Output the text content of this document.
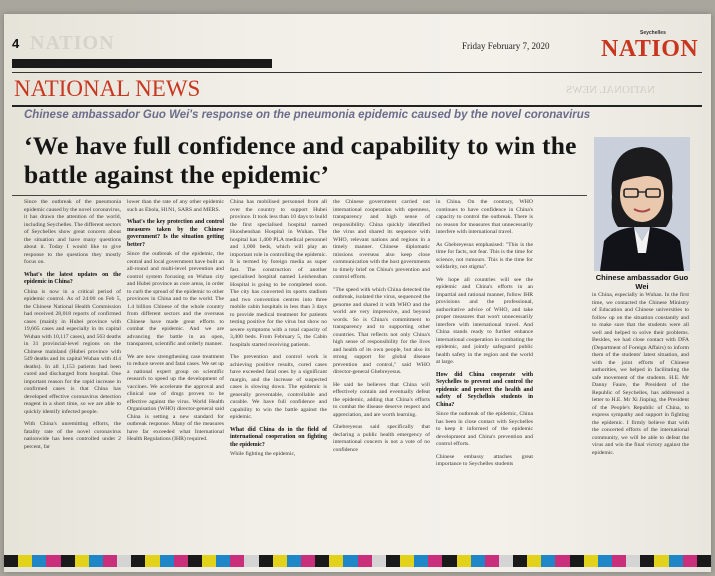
NATION
4	Friday February 7, 2020
Seychelles
NATION
NATIONAL NEWS	NATIONAL NEWS
Chinese ambassador Guo Wei's response on the pneumonia epidemic caused by the novel coronavirus
‘We have full confidence and capability to win the battle against the epidemic’
Chinese ambassador Guo Wei

Since the outbreak of the pneumonia epidemic caused by the novel coronavirus, it has drawn the attention of the world, including Seychelles. The different sectors of Seychelles show great concern about the situation and have many questions about it. Today I would like to give response to the questions they mostly focus on.

What's the latest updates on the epidemic in China?

China is now in a critical period of epidemic control. As of 24:00 on Feb 5, the Chinese National Health Commission had received 28,018 reports of confirmed cases (mainly in Hubei province with 19,665 cases and especially in its capital Wuhan with 10,117 cases), and 563 deaths in 31 provincial-level regions on the Chinese mainland (Hubei province with 549 deaths and its capital Wuhan with 414 deaths). In all 1,153 patients had been cured and discharged from hospital. One important reason for the rapid increase in confirmed cases is that China has developed effective coronavirus detection reagent in a short time, so we are able to quickly identify infected people.

With China's unremitting efforts, the fatality rate of the novel coronavirus nationwide has been controlled under 2 percent, far

lower than the rate of any other epidemic such as Ebola, H1N1, SARS and MERS.

What's the key protection and control measures taken by the Chinese government? Is the situation getting better?

Since the outbreak of the epidemic, the central and local government have built an all-round and multi-level prevention and control system focusing on Wuhan city and Hubei province as core areas, in order to curb the spread of the epidemic to other provinces in China and to the world. The 1.4 billion Chinese of the whole country from different sectors and the overseas Chinese have made great efforts to combat the epidemic. And we are advancing the battle in an open, transparent, scientific and orderly manner.

We are now strengthening case treatment to reduce severe and fatal cases. We set up a national expert group on scientific research to speed up the development of vaccines. We accelerate the approval and clinical use of drugs proven to be effective against the virus. World Health Organisation (WHO) director-general said China is setting a new standard for outbreak response. Many of the measures have far exceeded what International Health Regulations (IHR) required.

China has mobilised personnel from all over the country to support Hubei province. It took less than 10 days to build the first specialised hospital named Huoshenshan Hospital in Wuhan. The hospital has 1,400 PLA medical personnel and 1,000 beds, which will play an important role in controlling the epidemic. It is termed by foreign media as super fast. The construction of another specialised hospital named Leishenshan Hospital is going to be completed soon. The city has converted its sports stadium and two convention centres into three mobile cabin hospitals in less than 3 days to provide medical treatment for patients testing positive for the virus but show no severe symptoms with a total capacity of 3,400 beds. From February 5, the Cabin hospitals started receiving patients.

The prevention and control work is achieving positive results, cured cases have exceeded fatal ones by a significant margin, and the increase of suspected cases is slowing down. The epidemic is generally preventable, controllable and curable. We have full confidence and capability to win the battle against the epidemic.

What did China do in the field of international cooperation on fighting the epidemic?

While fighting the epidemic,

the Chinese government carried out international cooperation with openness, transparency and high sense of responsibility. China quickly identified the virus and shared its sequence with WHO, relevant nations and regions in a timely manner. Chinese diplomatic missions overseas also keep close communication with the host governments to timely brief on China's prevention and control efforts.

"The speed with which China detected the outbreak, isolated the virus, sequenced the genome and shared it with WHO and the world are very impressive, and beyond words. So is China's commitment to transparency and to supporting other countries. That reflects not only China's high sense of responsibility for the lives and health of its own people, but also its strong support for global disease prevention and control," said WHO director-general Ghebreyesus.

He said he believes that China will effectively contain and eventually defeat the epidemic, adding that China's efforts to combat the disease deserve respect and appreciation, and are worth learning.

Ghebreyesus said specifically that declaring a public health emergency of international concern is not a vote of no confidence

in China. On the contrary, WHO continues to have confidence in China's capacity to control the outbreak. There is no reason for measures that unnecessarily interfere with international travel.

As Ghebreyesus emphasised: "This is the time for facts, not fear. This is the time for science, not rumours. This is the time for solidarity, not stigma".

We hope all countries will see the epidemic and China's efforts in an impartial and rational manner, follow IHR provisions and the professional, authoritative advice of WHO, and take proper measures that won't unnecessarily interfere with international travel. And China stands ready to further enhance international cooperation in combating the epidemic, and jointly safeguard public health safety in the region and the world at large.

How did China cooperate with Seychelles to prevent and control the epidemic and protect the health and safety of Seychellois students in China?

Since the outbreak of the epidemic, China has been in close contact with Seychelles to keep it informed of the epidemic development and China's prevention and control efforts.

Chinese embassy attaches great importance to Seychelles students

in China, especially in Wuhan. In the first time, we contacted the Chinese Ministry of Education and Chinese universities to follow up on the situation constantly and to make sure that the students were all well and helped to solve their problems. Besides, we had close contact with DFA (Department of Foreign Affairs) to inform them of the students' latest situation, and with the joint efforts of Chinese authorities, we helped in facilitating the safe movement of the students. H.E. Mr Danny Faure, the President of the Republic of Seychelles, has addressed a letter to H.E. Mr Xi Jinping, the President of the People's Republic of China, to express sympathy and support in fighting the epidemic. I firmly believe that with the concerted efforts of the international community, we will be able to defeat the virus and win the final victory against the epidemic.
